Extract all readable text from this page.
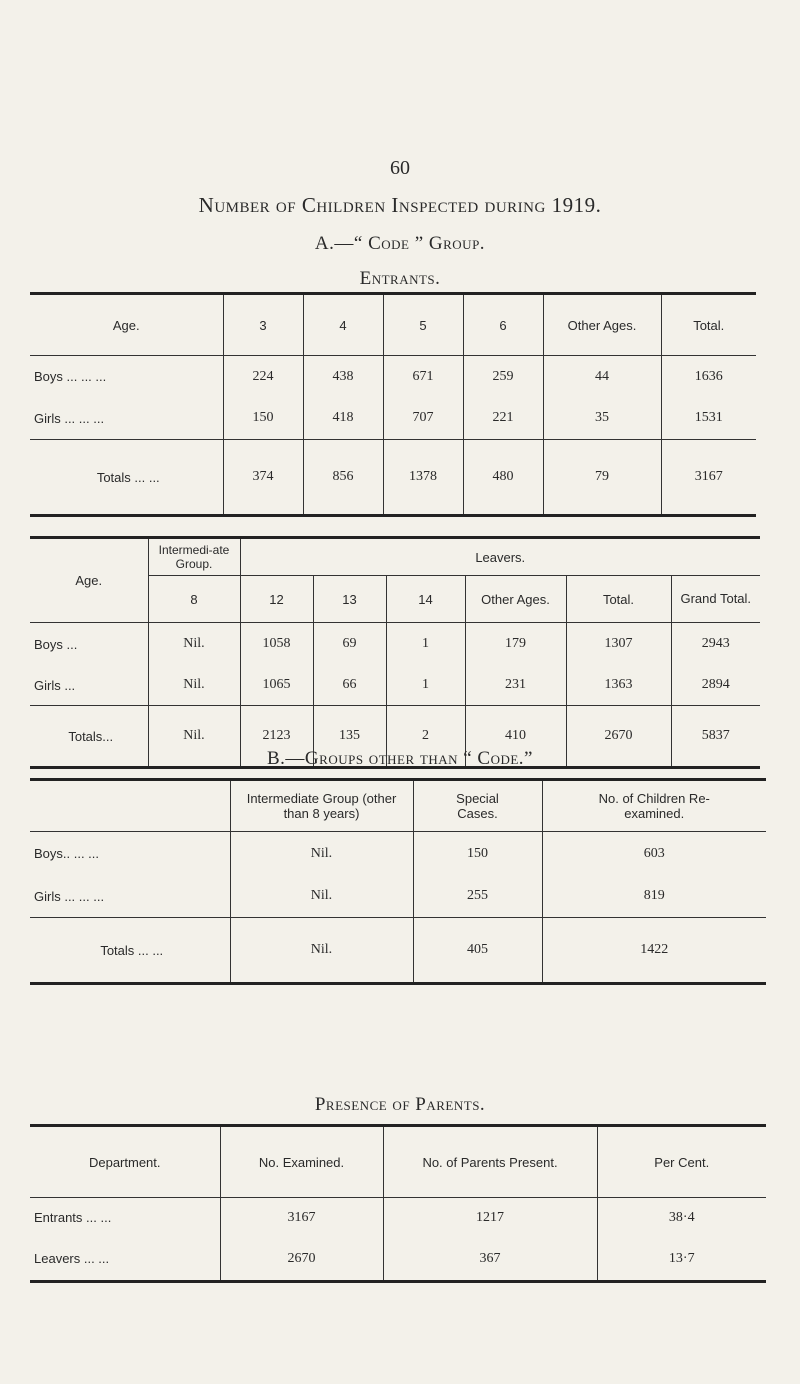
60
Number of Children Inspected during 1919.
A.—“ Code ” Group.
Entrants.
Age.	3	4	5	6	Other Ages.	Total.
Boys ... ... ...	224	438	671	259	44	1636
Girls ... ... ...	150	418	707	221	35	1531
Totals ... ...	374	856	1378	480	79	3167
Age.	Intermedi-ate Group.	Leavers.					
	8	12	13	14	Other Ages.	Total.	Grand Total.
Boys ...	Nil.	1058	69	1	179	1307	2943
Girls ...	Nil.	1065	66	1	231	1363	2894
Totals...	Nil.	2123	135	2	410	2670	5837
B.—Groups other than “ Code.”
	Intermediate Group (other than 8 years)	Special Cases.	No. of Children Re-examined.
Boys.. ... ...	Nil.	150	603
Girls ... ... ...	Nil.	255	819
Totals ... ...	Nil.	405	1422
Presence of Parents.
Department.	No. Examined.	No. of Parents Present.	Per Cent.
Entrants ... ...	3167	1217	38·4
Leavers ... ...	2670	367	13·7
